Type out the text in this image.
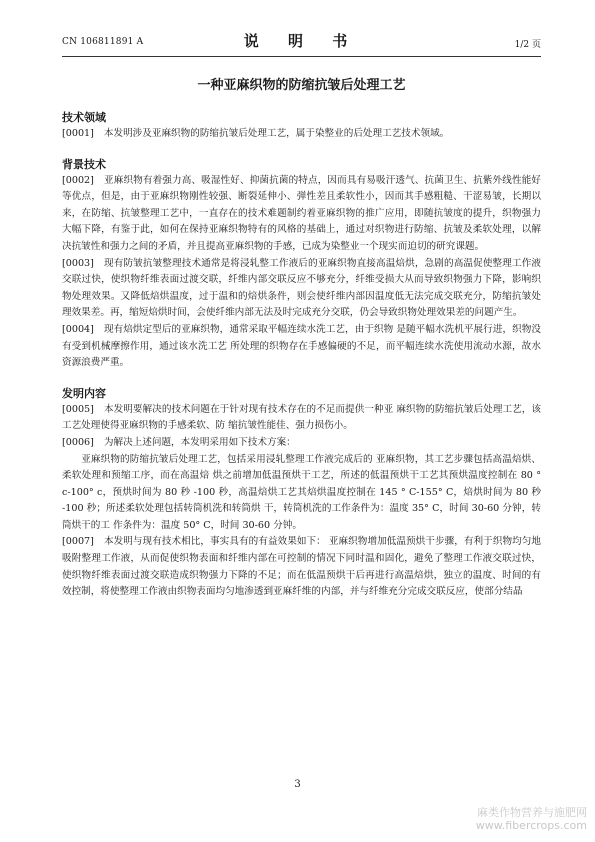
CN 106811891 A	说 明 书	1/2 页
一种亚麻织物的防缩抗皱后处理工艺
技术领域

[0001] 本发明涉及亚麻织物的防缩抗皱后处理工艺，属于染整业的后处理工艺技术领域。

背景技术

[0002] 亚麻织物有着强力高、吸湿性好、抑菌抗菌的特点，因而具有易吸汗透气、抗菌卫生、抗紫外线性能好等优点，但是，由于亚麻织物刚性较强、断裂延伸小、弹性差且柔软性小，因而其手感粗糙、干涩易皱，长期以来，在防缩、抗皱整理工艺中，一直存在的技术难题制约着亚麻织物的推广应用，即随抗皱度的提升，织物强力大幅下降，有鉴于此，如何在保持亚麻织物特有的风格的基础上，通过对织物进行防缩、抗皱及柔软处理，以解决抗皱性和强力之间的矛盾，并且提高亚麻织物的手感，已成为染整业一个现实而迫切的研究课题。

[0003] 现有防皱抗皱整理技术通常是将浸轧整工作液后的亚麻织物直接高温焙烘，急剧的高温促使整理工作液交联过快，使织物纤维表面过渡交联，纤维内部交联反应不够充分，纤维受损大从而导致织物强力下降，影响织物处理效果。又降低焙烘温度，过于温和的焙烘条件，则会使纤维内部因温度低无法完成交联充分，防缩抗皱处理效果差。再，缩短焙烘时间，会使纤维内部无法及时完成充分交联，仍会导致织物处理效果差的问题产生。

[0004] 现有焙烘定型后的亚麻织物，通常采取平幅连续水洗工艺，由于织物 是随平幅水洗机平展行进，织物没有受到机械摩擦作用，通过该水洗工艺 所处理的织物存在手感偏硬的不足，而平幅连续水洗使用流动水源，故水 资源浪费严重。

发明内容

[0005] 本发明要解决的技术问题在于针对现有技术存在的不足而提供一种亚 麻织物的防缩抗皱后处理工艺，该工艺处理使得亚麻织物的手感柔软、防 缩抗皱性能佳、强力损伤小。

[0006] 为解决上述问题，本发明采用如下技术方案：

亚麻织物的防缩抗皱后处理工艺，包括采用浸轧整理工作液完成后的 亚麻织物，其工艺步骤包括高温焙烘、柔软处理和预缩工序，而在高温焙 烘之前增加低温预烘干工艺，所述的低温预烘干工艺其预烘温度控制在 80 ° c-100° c，预烘时间为 80 秒 -100 秒，高温焙烘工艺其焙烘温度控制在 145 ° C-155° C，焙烘时间为 80 秒 -100 秒；所述柔软处理包括转筒机洗和转筒烘 干，转筒机洗的工作条件为：温度 35° C，时间 30-60 分钟，转筒烘干的工 作条件为：温度 50° C，时间 30-60 分钟。

[0007] 本发明与现有技术相比，事实具有的有益效果如下： 亚麻织物增加低温预烘干步骤，有利于织物均匀地吸附整理工作液，从而促使织物表面和纤维内部在可控制的情况下同时温和固化，避免了整理工作液交联过快，使织物纤维表面过渡交联造成织物强力下降的不足；而在低温预烘干后再进行高温焙烘，独立的温度、时间的有效控制，将使整理工作液由织物表面均匀地渗透到亚麻纤维的内部，并与纤维充分完成交联反应，使部分结晶

3
麻类作物营养与施肥网
www.fibercrops.com
